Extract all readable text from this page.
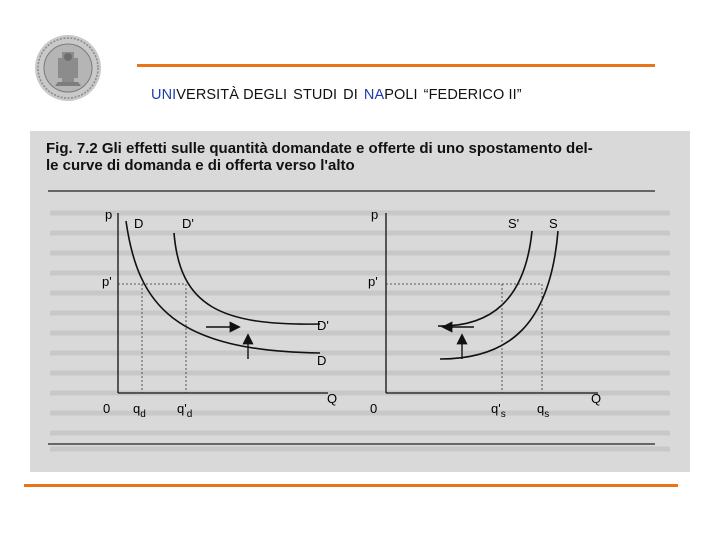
UNIVERSITÀ DEGLI STUDI DI NAPOLI “FEDERICO II”
Fig. 7.2 Gli effetti sulle quantità domandate e offerte di uno spostamento del-
le curve di domanda e di offerta verso l'alto
p
D	D'
p'
D'
D
Q
0 $q_d$ $q'_d$
p
S' S
p'
Q
0	$q'_s$ $q_s$
